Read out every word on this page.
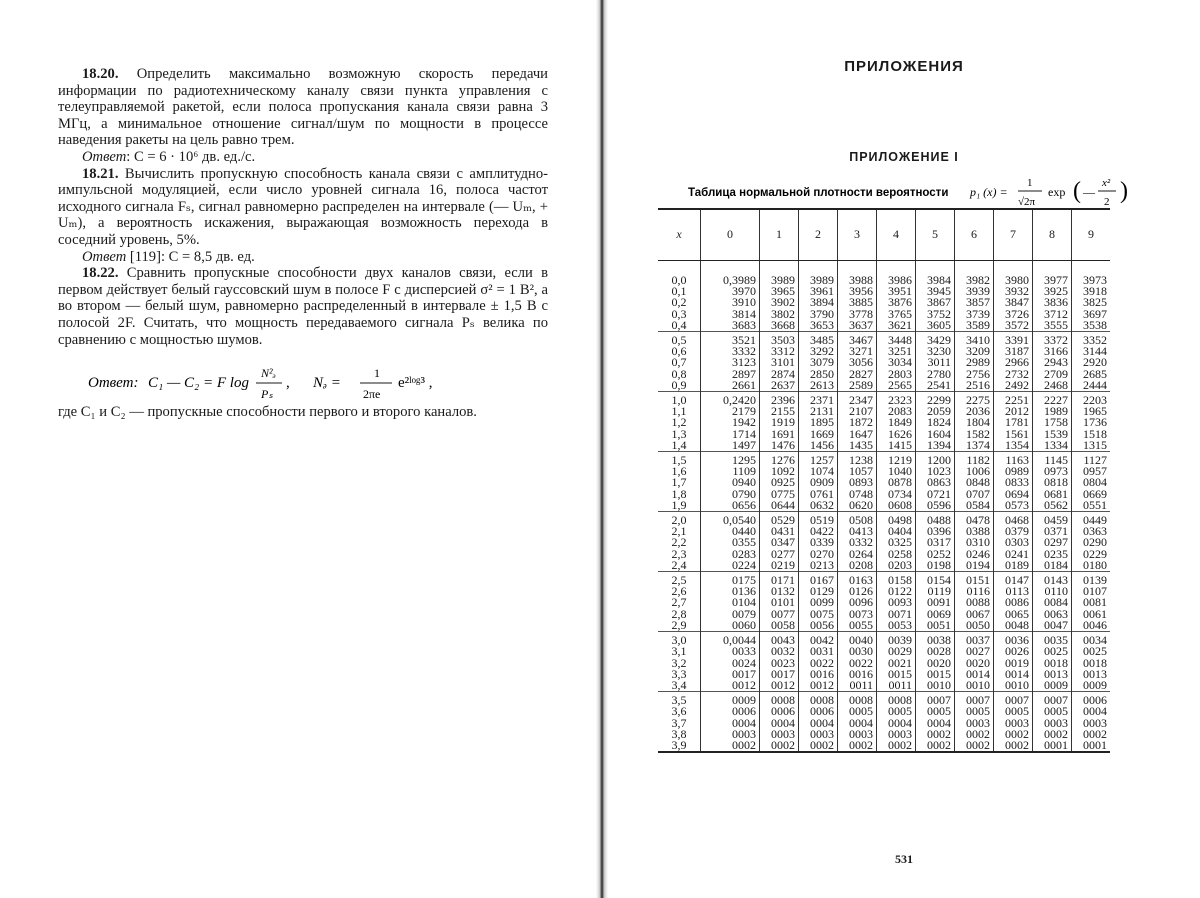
18.20. Определить максимально возможную скорость передачи информации по радиотехническому каналу связи пункта управления с телеуправляемой ракетой, если полоса пропускания канала связи равна 3 МГц, а минимальное отношение сигнал/шум по мощности в процессе наведения ракеты на цель равно трем.

Ответ: C = 6 · 10⁶ дв. ед./с.

18.21. Вычислить пропускную способность канала связи с амплитудно-импульсной модуляцией, если число уровней сигнала 16, полоса частот исходного сигнала Fₛ, сигнал равномерно распределен на интервале (— Uₘ, + Uₘ), а вероятность искажения, выражающая возможность перехода в соседний уровень, 5%.

Ответ [119]: C = 8,5 дв. ед.

18.22. Сравнить пропускные способности двух каналов связи, если в первом действует белый гауссовский шум в полосе F с дисперсией σ² = 1 В², а во втором — белый шум, равномерно распределенный в интервале ± 1,5 В с полосой 2F. Считать, что мощность передаваемого сигнала Pₛ велика по сравнению с мощностью шумов.

Ответ: C₁ — C₂ = F log
N²ₔ
Pₛ
, Nₔ =
1
2πe
e²ˡᵒᵍ³ ,

где C₁ и C₂ — пропускные способности первого и второго каналов.

ПРИЛОЖЕНИЯ
ПРИЛОЖЕНИЕ I
Таблица нормальной плотности вероятности p₁ (x) =
1
√2π
exp ( —
x²
2 )
x	0	1	2	3	4	5	6	7	8	9
0,0	0,3989	3989	3989	3988	3986	3984	3982	3980	3977	3973
0,1	3970	3965	3961	3956	3951	3945	3939	3932	3925	3918
0,2	3910	3902	3894	3885	3876	3867	3857	3847	3836	3825
0,3	3814	3802	3790	3778	3765	3752	3739	3726	3712	3697
0,4	3683	3668	3653	3637	3621	3605	3589	3572	3555	3538
0,5	3521	3503	3485	3467	3448	3429	3410	3391	3372	3352
0,6	3332	3312	3292	3271	3251	3230	3209	3187	3166	3144
0,7	3123	3101	3079	3056	3034	3011	2989	2966	2943	2920
0,8	2897	2874	2850	2827	2803	2780	2756	2732	2709	2685
0,9	2661	2637	2613	2589	2565	2541	2516	2492	2468	2444
1,0	0,2420	2396	2371	2347	2323	2299	2275	2251	2227	2203
1,1	2179	2155	2131	2107	2083	2059	2036	2012	1989	1965
1,2	1942	1919	1895	1872	1849	1824	1804	1781	1758	1736
1,3	1714	1691	1669	1647	1626	1604	1582	1561	1539	1518
1,4	1497	1476	1456	1435	1415	1394	1374	1354	1334	1315
1,5	1295	1276	1257	1238	1219	1200	1182	1163	1145	1127
1,6	1109	1092	1074	1057	1040	1023	1006	0989	0973	0957
1,7	0940	0925	0909	0893	0878	0863	0848	0833	0818	0804
1,8	0790	0775	0761	0748	0734	0721	0707	0694	0681	0669
1,9	0656	0644	0632	0620	0608	0596	0584	0573	0562	0551
2,0	0,0540	0529	0519	0508	0498	0488	0478	0468	0459	0449
2,1	0440	0431	0422	0413	0404	0396	0388	0379	0371	0363
2,2	0355	0347	0339	0332	0325	0317	0310	0303	0297	0290
2,3	0283	0277	0270	0264	0258	0252	0246	0241	0235	0229
2,4	0224	0219	0213	0208	0203	0198	0194	0189	0184	0180
2,5	0175	0171	0167	0163	0158	0154	0151	0147	0143	0139
2,6	0136	0132	0129	0126	0122	0119	0116	0113	0110	0107
2,7	0104	0101	0099	0096	0093	0091	0088	0086	0084	0081
2,8	0079	0077	0075	0073	0071	0069	0067	0065	0063	0061
2,9	0060	0058	0056	0055	0053	0051	0050	0048	0047	0046
3,0	0,0044	0043	0042	0040	0039	0038	0037	0036	0035	0034
3,1	0033	0032	0031	0030	0029	0028	0027	0026	0025	0025
3,2	0024	0023	0022	0022	0021	0020	0020	0019	0018	0018
3,3	0017	0017	0016	0016	0015	0015	0014	0014	0013	0013
3,4	0012	0012	0012	0011	0011	0010	0010	0010	0009	0009
3,5	0009	0008	0008	0008	0008	0007	0007	0007	0007	0006
3,6	0006	0006	0006	0005	0005	0005	0005	0005	0005	0004
3,7	0004	0004	0004	0004	0004	0004	0003	0003	0003	0003
3,8	0003	0003	0003	0003	0003	0002	0002	0002	0002	0002
3,9	0002	0002	0002	0002	0002	0002	0002	0002	0001	0001

531
